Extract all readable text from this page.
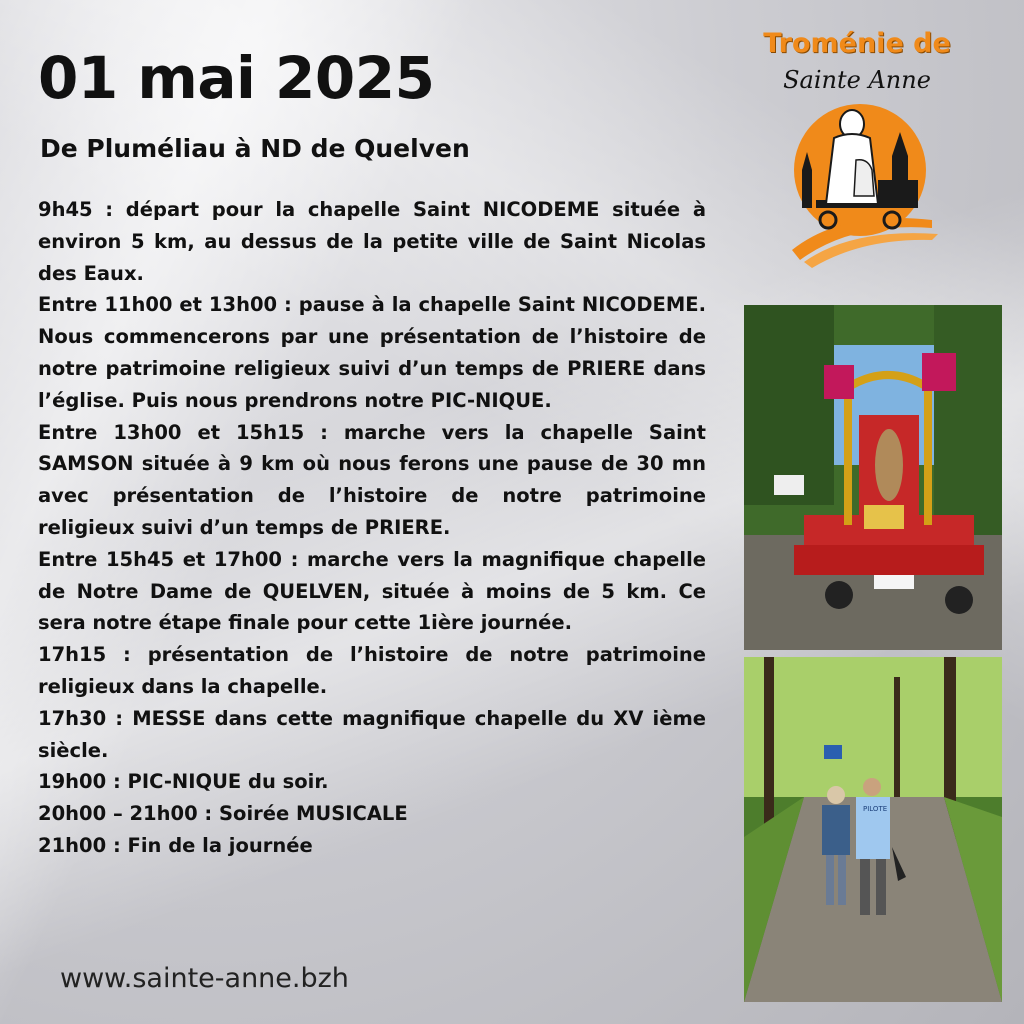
01 mai 2025
De Pluméliau à ND de Quelven

9h45 : départ pour la chapelle Saint NICODEME située à environ 5 km, au dessus de la petite ville de Saint Nicolas des Eaux.

Entre 11h00 et 13h00 : pause à la chapelle Saint NICODEME. Nous commencerons par une présentation de l’histoire de notre patrimoine religieux suivi d’un temps de PRIERE dans l’église. Puis nous prendrons notre PIC-NIQUE.

Entre 13h00 et 15h15 : marche vers la chapelle Saint SAMSON située à 9 km où nous ferons une pause de 30 mn avec présentation de l’histoire de notre patrimoine religieux suivi d’un temps de PRIERE.

Entre 15h45 et 17h00 : marche vers la magnifique chapelle de Notre Dame de QUELVEN, située à moins de 5 km. Ce sera notre étape finale pour cette 1ière journée.

17h15 : présentation de l’histoire de notre patrimoine religieux dans la chapelle.

17h30 : MESSE dans cette magnifique chapelle du XV ième siècle.

19h00 : PIC-NIQUE du soir.

20h00 – 21h00 : Soirée MUSICALE

21h00 : Fin de la journée

www.sainte-anne.bzh
Troménie de
Sainte Anne
PILOTE
